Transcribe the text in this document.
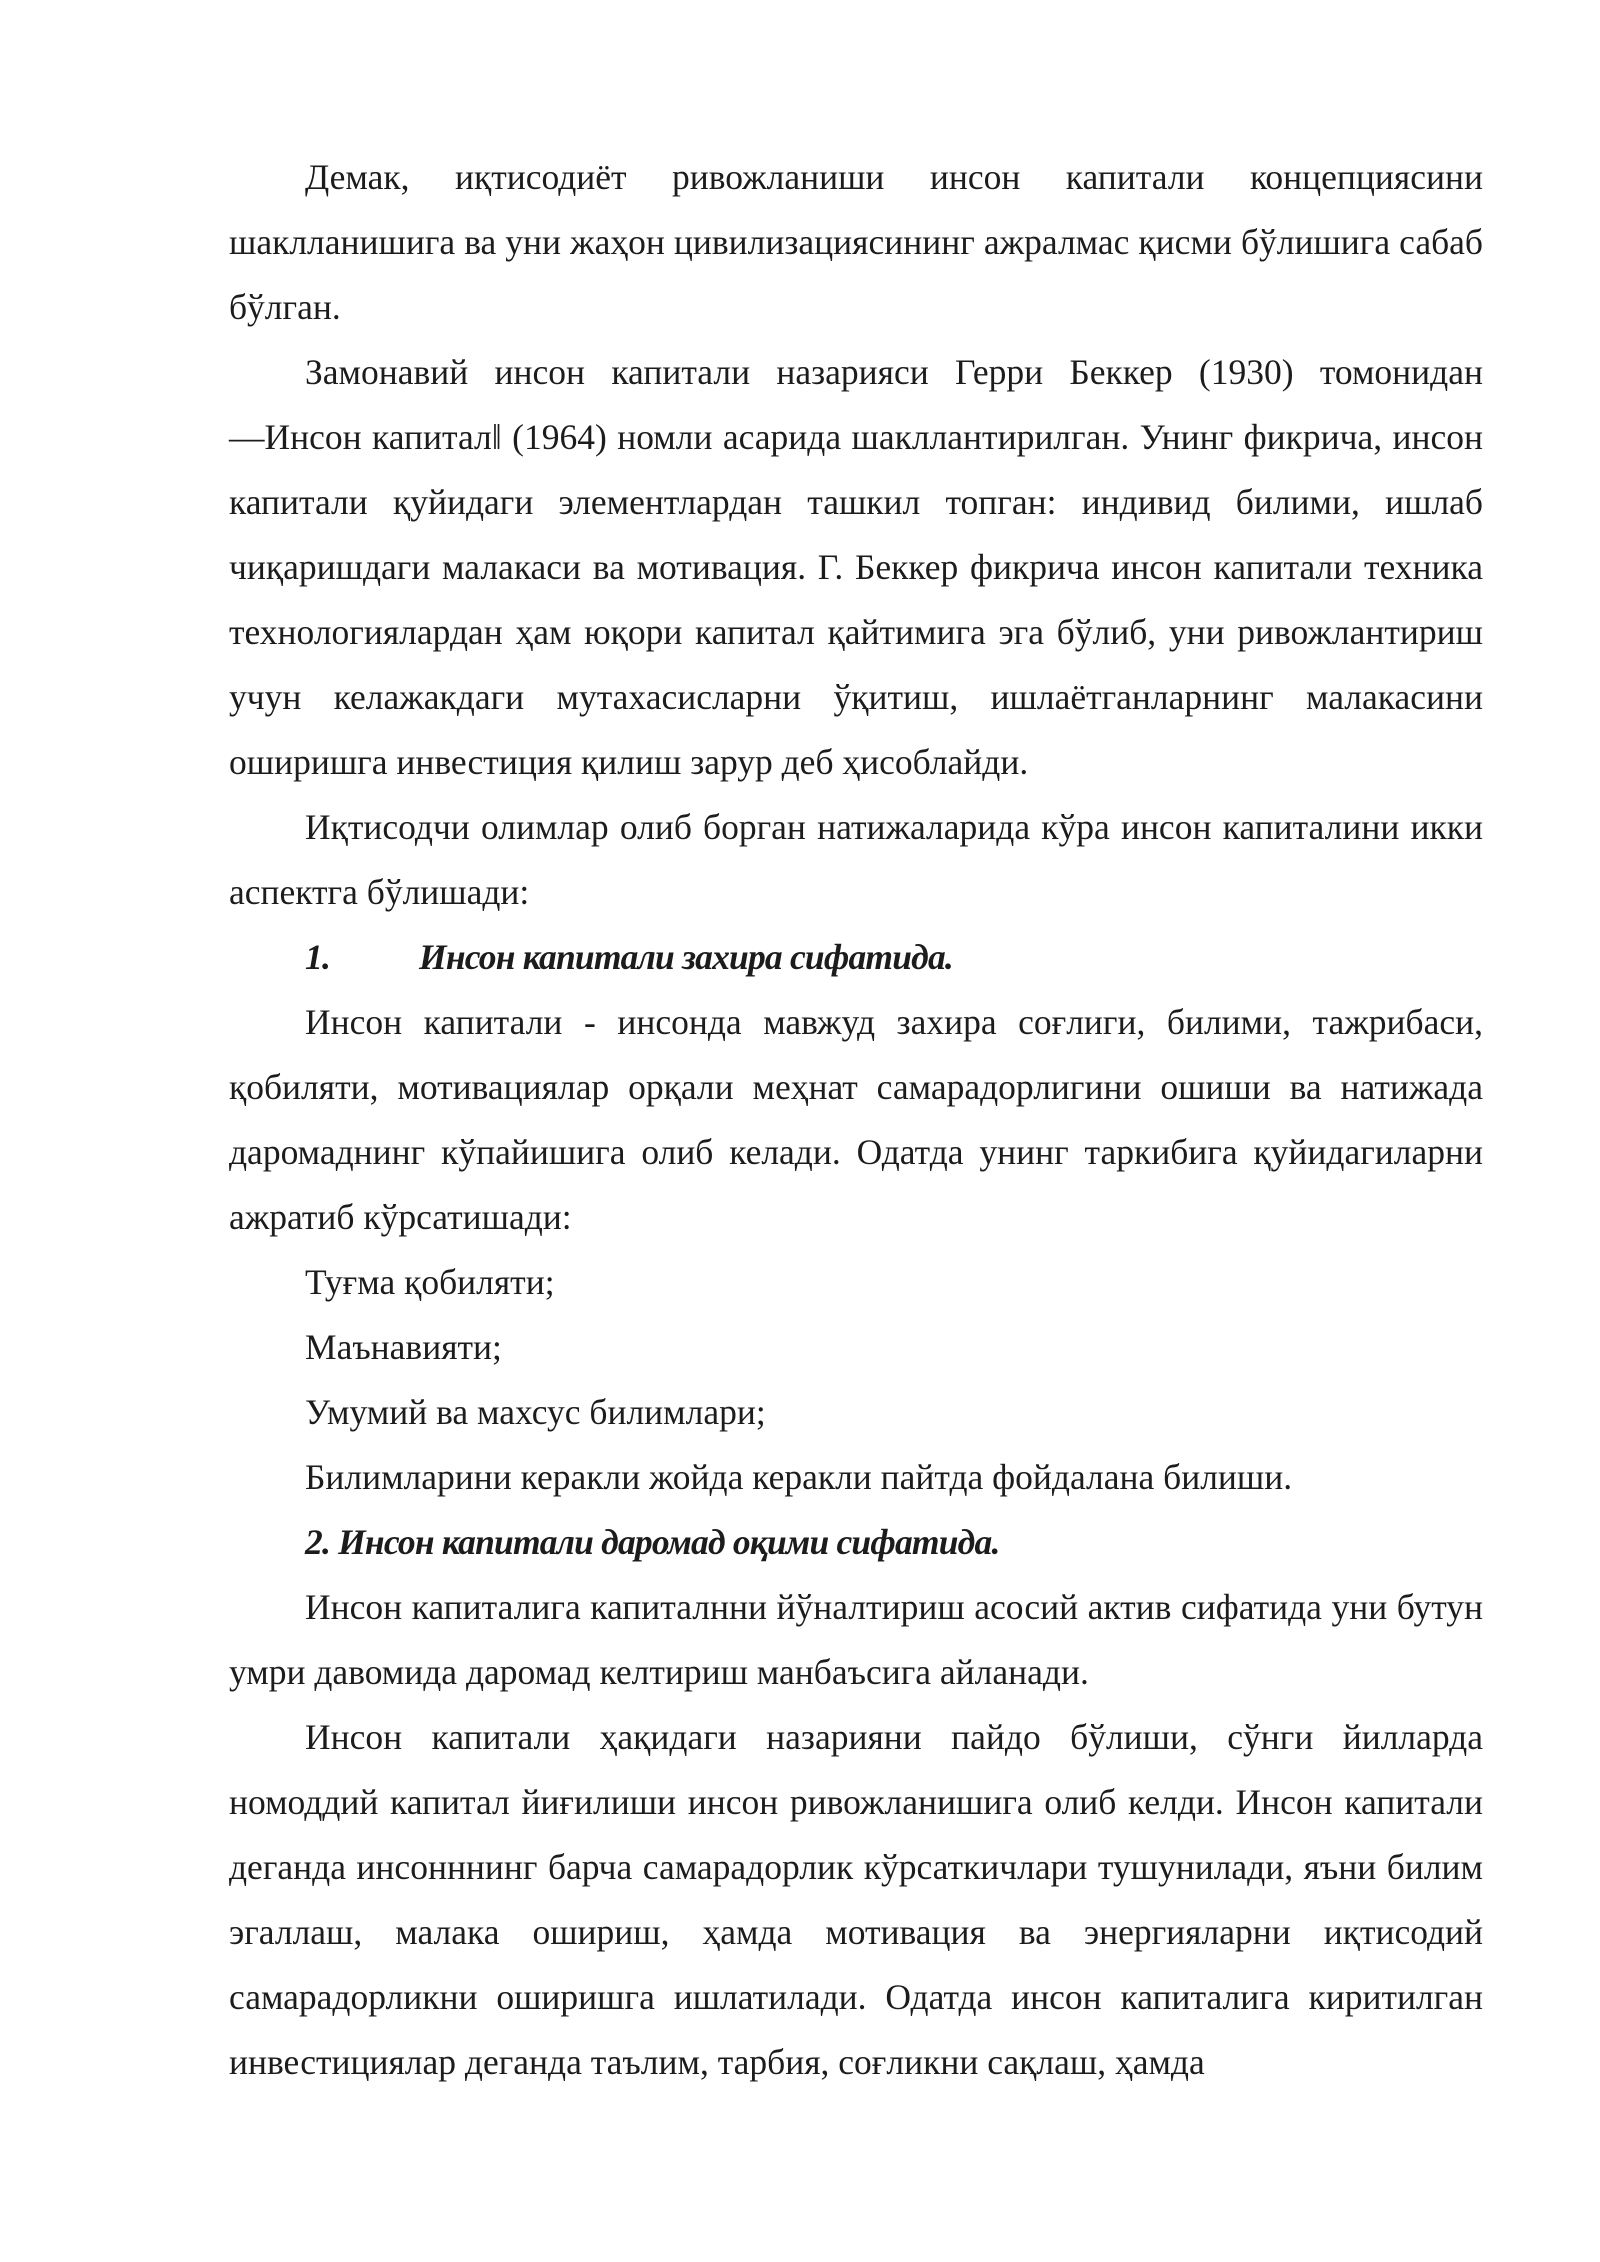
Демак, иқтисодиёт ривожланиши инсон капитали концепциясини шаклланишига ва уни жаҳон цивилизациясининг ажралмас қисми бўлишига сабаб бўлган.

Замонавий инсон капитали назарияси Герри Беккер (1930) томонидан ―Инсон капитал‖ (1964) номли асарида шакллантирилган. Унинг фикрича, инсон капитали қуйидаги элементлардан ташкил топган: индивид билими, ишлаб чиқаришдаги малакаси ва мотивация. Г. Беккер фикрича инсон капитали техника технологиялардан ҳам юқори капитал қайтимига эга бўлиб, уни ривожлантириш учун келажакдаги мутахасисларни ўқитиш, ишлаётганларнинг малакасини оширишга инвестиция қилиш зарур деб ҳисоблайди.

Иқтисодчи олимлар олиб борган натижаларида кўра инсон капиталини икки аспектга бўлишади:

1.	Инсон капитали захира сифатида.

Инсон капитали - инсонда мавжуд захира соғлиги, билими, тажрибаси, қобиляти, мотивациялар орқали меҳнат самарадорлигини ошиши ва натижада даромаднинг кўпайишига олиб келади. Одатда унинг таркибига қуйидагиларни ажратиб кўрсатишади:

Туғма қобиляти;

Маънавияти;

Умумий ва махсус билимлари;

Билимларини керакли жойда керакли пайтда фойдалана билиши.

2. Инсон капитали даромад оқими сифатида.

Инсон капиталига капиталнни йўналтириш асосий актив сифатида уни бутун умри давомида даромад келтириш манбаъсига айланади.

Инсон капитали ҳақидаги назарияни пайдо бўлиши, сўнги йилларда номоддий капитал йиғилиши инсон ривожланишига олиб келди. Инсон капитали деганда инсонннинг барча самарадорлик кўрсаткичлари тушунилади, яъни билим эгаллаш, малака ошириш, ҳамда мотивация ва энергияларни иқтисодий самарадорликни оширишга ишлатилади. Одатда инсон капиталига киритилган инвестициялар деганда таълим, тарбия, соғликни сақлаш, ҳамда
